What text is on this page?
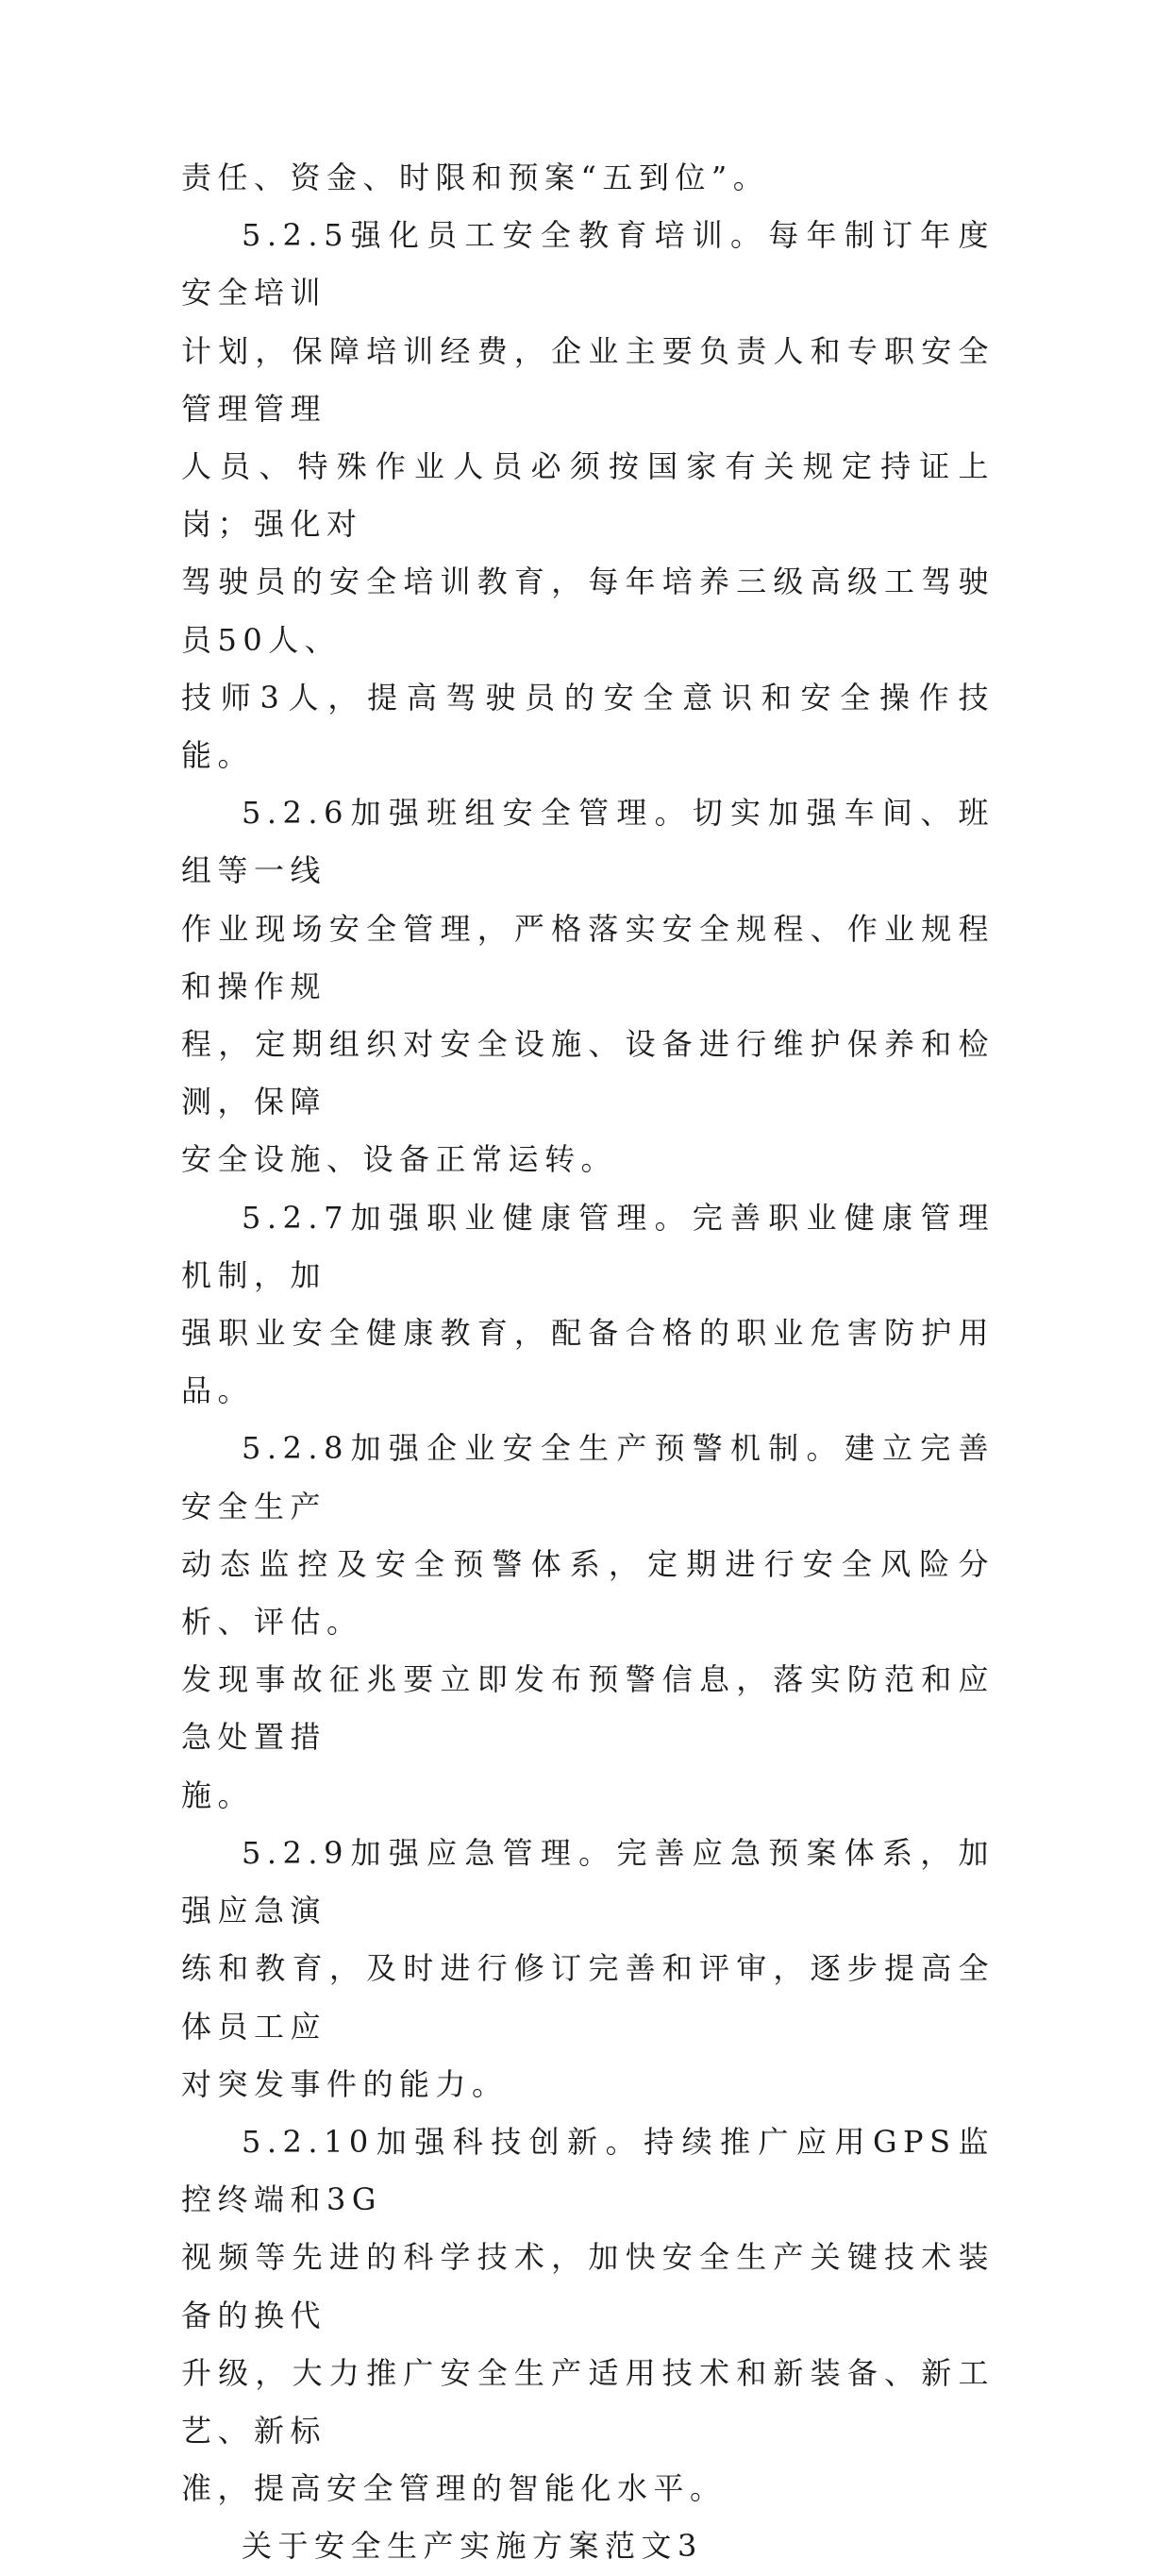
责任、资金、时限和预案“五到位”。

5.2.5强化员工安全教育培训。每年制订年度安全培训
计划，保障培训经费，企业主要负责人和专职安全管理管理
人员、特殊作业人员必须按国家有关规定持证上岗；强化对
驾驶员的安全培训教育，每年培养三级高级工驾驶员50人、
技师3人，提高驾驶员的安全意识和安全操作技能。

5.2.6加强班组安全管理。切实加强车间、班组等一线
作业现场安全管理，严格落实安全规程、作业规程和操作规
程，定期组织对安全设施、设备进行维护保养和检测，保障
安全设施、设备正常运转。

5.2.7加强职业健康管理。完善职业健康管理机制，加
强职业安全健康教育，配备合格的职业危害防护用品。

5.2.8加强企业安全生产预警机制。建立完善安全生产
动态监控及安全预警体系，定期进行安全风险分析、评估。
发现事故征兆要立即发布预警信息，落实防范和应急处置措
施。

5.2.9加强应急管理。完善应急预案体系，加强应急演
练和教育，及时进行修订完善和评审，逐步提高全体员工应
对突发事件的能力。

5.2.10加强科技创新。持续推广应用GPS监控终端和3G
视频等先进的科学技术，加快安全生产关键技术装备的换代
升级，大力推广安全生产适用技术和新装备、新工艺、新标
准，提高安全管理的智能化水平。

关于安全生产实施方案范文3
